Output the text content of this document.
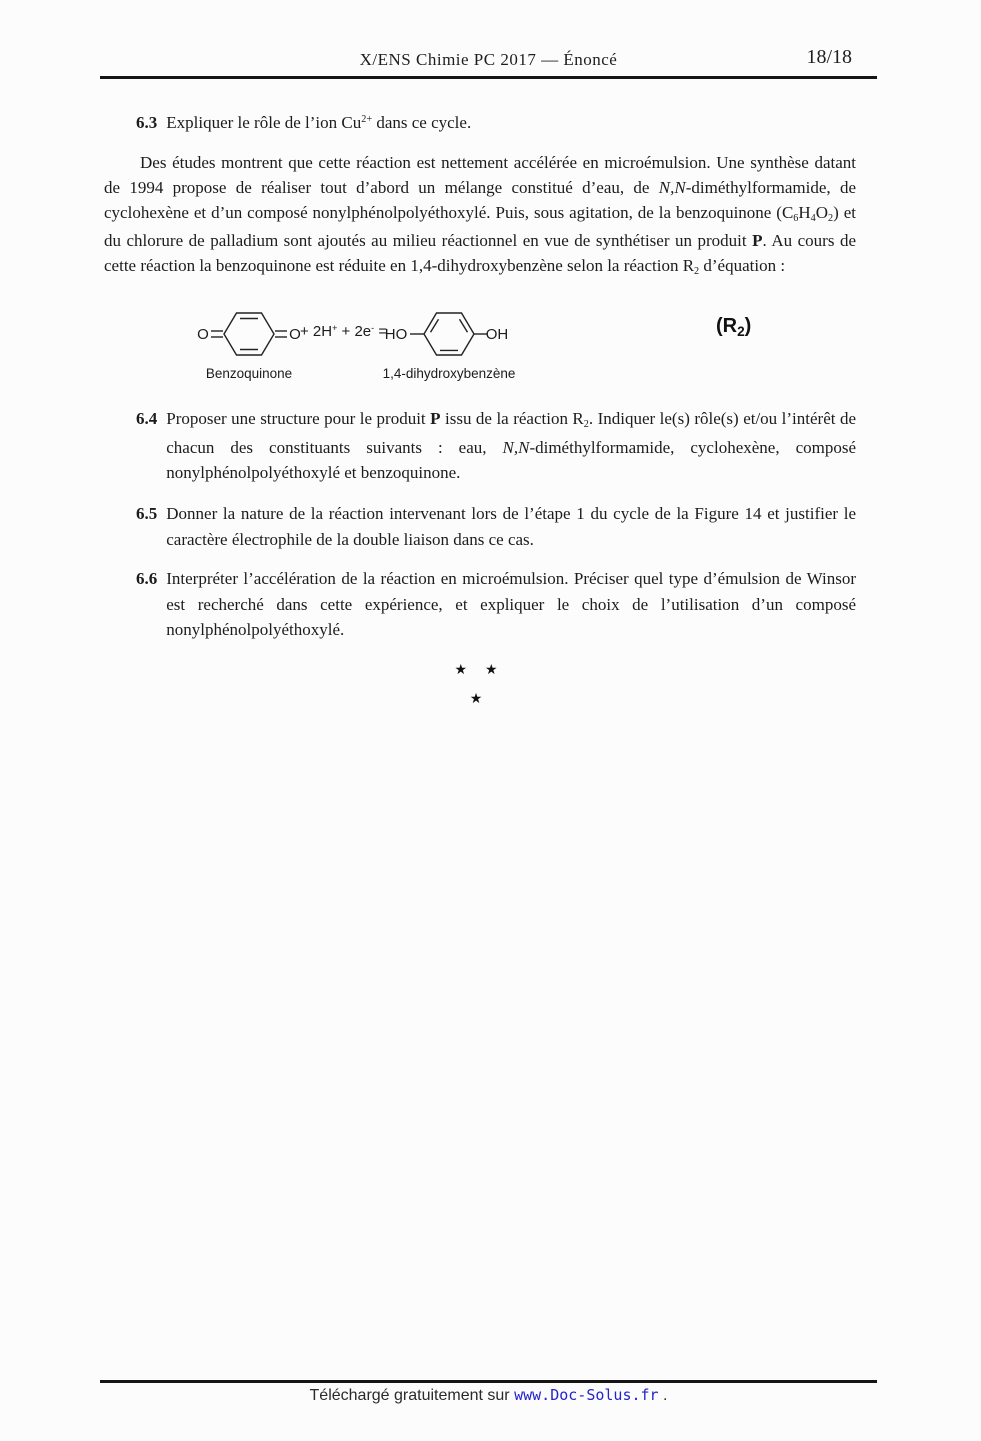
X/ENS Chimie PC 2017 — Énoncé	18/18
6.3 Expliquer le rôle de l’ion $Cu^{2+}$ dans ce cycle.
Des études montrent que cette réaction est nettement accélérée en microémulsion. Une synthèse datant de 1994 propose de réaliser tout d’abord un mélange constitué d’eau, de N,N-diméthylformamide, de cyclohexène et d’un composé nonylphénolpolyéthoxylé. Puis, sous agitation, de la benzoquinone $(C_6H_4O_2)$ et du chlorure de palladium sont ajoutés au milieu réactionnel en vue de synthétiser un produit P. Au cours de cette réaction la benzoquinone est réduite en 1,4-dihydroxybenzène selon la réaction $R_2$ d’équation :
O	O	HO	OH
Benzoquinone	1,4-dihydroxybenzène
+ 2H+ + 2e- =	$(R_2)$
6.4 Proposer une structure pour le produit P issu de la réaction $R_2$. Indiquer le(s) rôle(s) et/ou l’intérêt de chacun des constituants suivants : eau, N,N-diméthylformamide, cyclohexène, composé nonylphénolpolyéthoxylé et benzoquinone.
6.5 Donner la nature de la réaction intervenant lors de l’étape 1 du cycle de la Figure 14 et justifier le caractère électrophile de la double liaison dans ce cas.
6.6 Interpréter l’accélération de la réaction en microémulsion. Préciser quel type d’émulsion de Winsor est recherché dans cette expérience, et expliquer le choix de l’utilisation d’un composé nonylphénolpolyéthoxylé.
★ ★
★
Téléchargé gratuitement sur www.Doc-Solus.fr .
